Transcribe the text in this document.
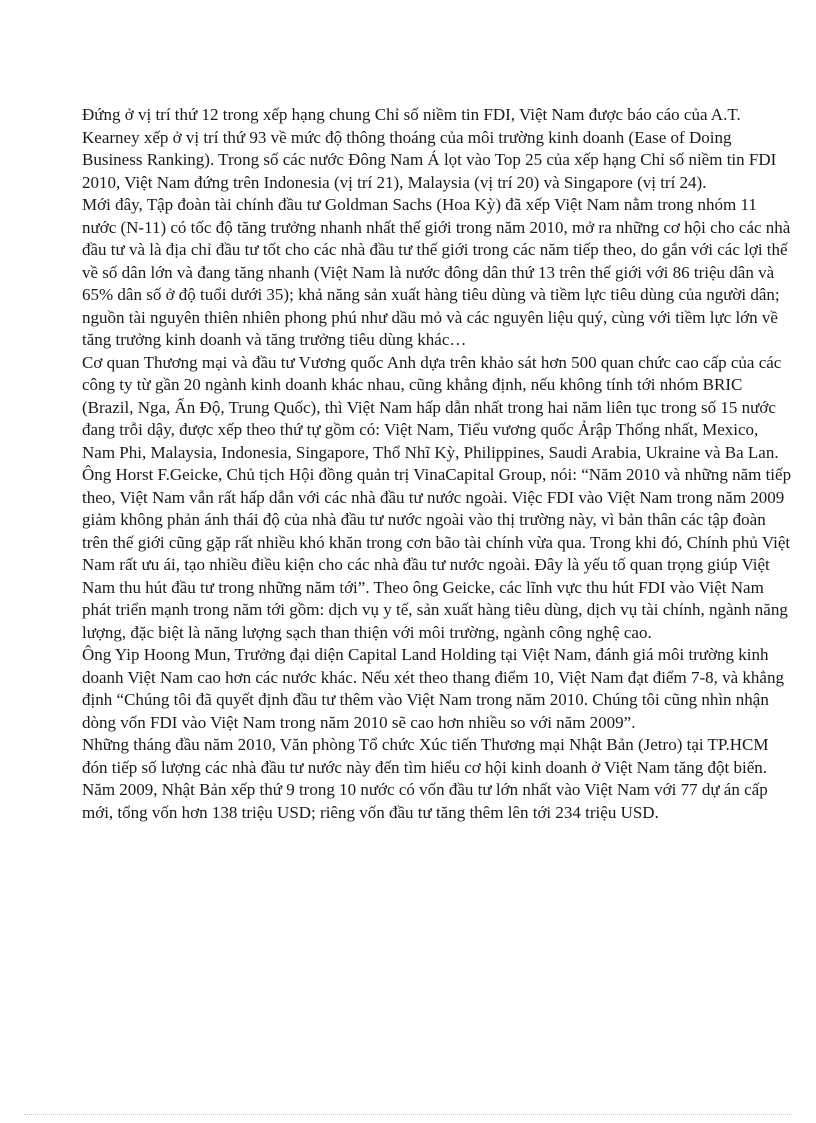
Đứng ở vị trí thứ 12 trong xếp hạng chung Chỉ số niềm tin FDI, Việt Nam được báo cáo của A.T. Kearney xếp ở vị trí thứ 93 về mức độ thông thoáng của môi trường kinh doanh (Ease of Doing Business Ranking). Trong số các nước Đông Nam Á lọt vào Top 25 của xếp hạng Chỉ số niềm tin FDI 2010, Việt Nam đứng trên Indonesia (vị trí 21), Malaysia (vị trí 20) và Singapore (vị trí 24).

Mới đây, Tập đoàn tài chính đầu tư Goldman Sachs (Hoa Kỳ) đã xếp Việt Nam nằm trong nhóm 11 nước (N-11) có tốc độ tăng trưởng nhanh nhất thế giới trong năm 2010, mở ra những cơ hội cho các nhà đầu tư và là địa chỉ đầu tư tốt cho các nhà đầu tư thế giới trong các năm tiếp theo, do gắn với các lợi thế về số dân lớn và đang tăng nhanh (Việt Nam là nước đông dân thứ 13 trên thế giới với 86 triệu dân và 65% dân số ở độ tuổi dưới 35); khả năng sản xuất hàng tiêu dùng và tiềm lực tiêu dùng của người dân; nguồn tài nguyên thiên nhiên phong phú như dầu mỏ và các nguyên liệu quý, cùng với tiềm lực lớn về tăng trưởng kinh doanh và tăng trưởng tiêu dùng khác…

Cơ quan Thương mại và đầu tư Vương quốc Anh dựa trên khảo sát hơn 500 quan chức cao cấp của các công ty từ gần 20 ngành kinh doanh khác nhau, cũng khẳng định, nếu không tính tới nhóm BRIC (Brazil, Nga, Ấn Độ, Trung Quốc), thì Việt Nam hấp dẫn nhất trong hai năm liên tục trong số 15 nước đang trỗi dậy, được xếp theo thứ tự gồm có: Việt Nam, Tiểu vương quốc Ảrập Thống nhất, Mexico, Nam Phi, Malaysia, Indonesia, Singapore, Thổ Nhĩ Kỳ, Philippines, Saudi Arabia, Ukraine và Ba Lan.

Ông Horst F.Geicke, Chủ tịch Hội đồng quản trị VinaCapital Group, nói: “Năm 2010 và những năm tiếp theo, Việt Nam vẫn rất hấp dẫn với các nhà đầu tư nước ngoài. Việc FDI vào Việt Nam trong năm 2009 giảm không phản ánh thái độ của nhà đầu tư nước ngoài vào thị trường này, vì bản thân các tập đoàn trên thế giới cũng gặp rất nhiều khó khăn trong cơn bão tài chính vừa qua. Trong khi đó, Chính phủ Việt Nam rất ưu ái, tạo nhiều điều kiện cho các nhà đầu tư nước ngoài. Đây là yếu tố quan trọng giúp Việt Nam thu hút đầu tư trong những năm tới”. Theo ông Geicke, các lĩnh vực thu hút FDI vào Việt Nam phát triển mạnh trong năm tới gồm: dịch vụ y tế, sản xuất hàng tiêu dùng, dịch vụ tài chính, ngành năng lượng, đặc biệt là năng lượng sạch than thiện với môi trường, ngành công nghệ cao.

Ông Yip Hoong Mun, Trưởng đại diện Capital Land Holding tại Việt Nam, đánh giá môi trường kinh doanh Việt Nam cao hơn các nước khác. Nếu xét theo thang điểm 10, Việt Nam đạt điểm 7-8, và khẳng định “Chúng tôi đã quyết định đầu tư thêm vào Việt Nam trong năm 2010. Chúng tôi cũng nhìn nhận dòng vốn FDI vào Việt Nam trong năm 2010 sẽ cao hơn nhiều so với năm 2009”.

Những tháng đầu năm 2010, Văn phòng Tổ chức Xúc tiến Thương mại Nhật Bản (Jetro) tại TP.HCM đón tiếp số lượng các nhà đầu tư nước này đến tìm hiểu cơ hội kinh doanh ở Việt Nam tăng đột biến. Năm 2009, Nhật Bản xếp thứ 9 trong 10 nước có vốn đầu tư lớn nhất vào Việt Nam với 77 dự án cấp mới, tổng vốn hơn 138 triệu USD; riêng vốn đầu tư tăng thêm lên tới 234 triệu USD.
